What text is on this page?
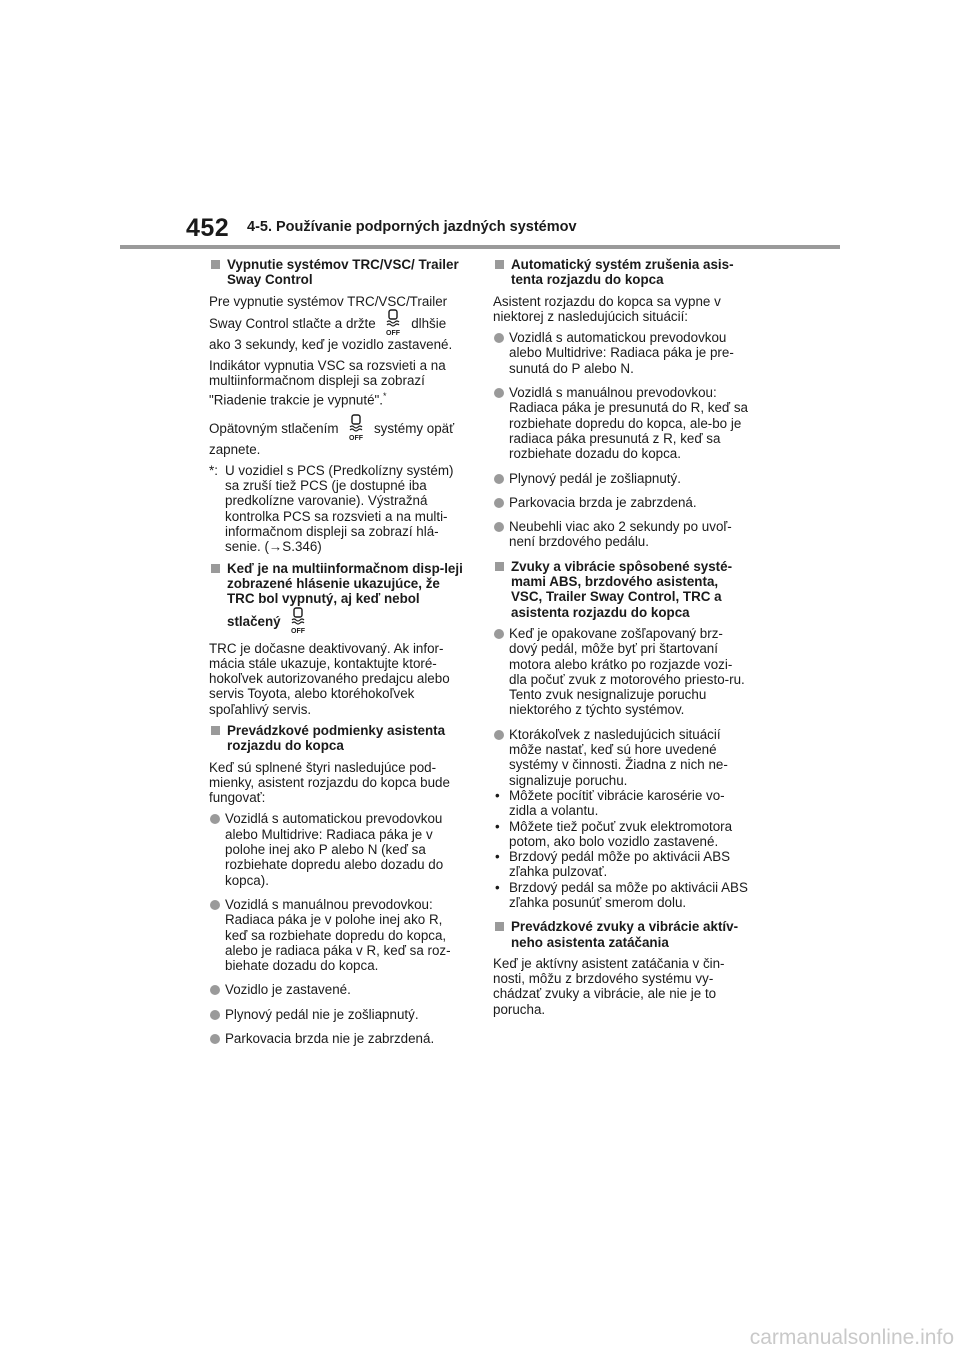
452 4-5. Používanie podporných jazdných systémov
Vypnutie systémov TRC/VSC/ Trailer Sway Control
Pre vypnutie systémov TRC/VSC/Trailer Sway Control stlačte a držte
OFF
dlhšie ako 3 sekundy, keď je vozidlo zastavené.
Indikátor vypnutia VSC sa rozsvieti a na multiinformačnom displeji sa zobrazí "Riadenie trakcie je vypnuté".*
Opätovným stlačením
OFF
systémy opäť zapnete.
*: U vozidiel s PCS (Predkolízny systém) sa zruší tiež PCS (je dostupné iba predkolízne varovanie). Výstražná kontrolka PCS sa rozsvieti a na multi-informačnom displeji sa zobrazí hlá-senie. (→S.346)
Keď je na multiinformačnom disp-leji zobrazené hlásenie ukazujúce, že TRC bol vypnutý, aj keď nebol stlačený
OFF
TRC je dočasne deaktivovaný. Ak infor-mácia stále ukazuje, kontaktujte ktoré-hokoľvek autorizovaného predajcu alebo servis Toyota, alebo ktoréhokoľvek spoľahlivý servis.
Prevádzkové podmienky asistenta rozjazdu do kopca
Keď sú splnené štyri nasledujúce pod-mienky, asistent rozjazdu do kopca bude fungovať:
Vozidlá s automatickou prevodovkou alebo Multidrive: Radiaca páka je v polohe inej ako P alebo N (keď sa rozbiehate dopredu alebo dozadu do kopca).
Vozidlá s manuálnou prevodovkou: Radiaca páka je v polohe inej ako R, keď sa rozbiehate dopredu do kopca, alebo je radiaca páka v R, keď sa roz-biehate dozadu do kopca.
Vozidlo je zastavené.
Plynový pedál nie je zošliapnutý.
Parkovacia brzda nie je zabrzdená.
Automatický systém zrušenia asis-tenta rozjazdu do kopca
Asistent rozjazdu do kopca sa vypne v niektorej z nasledujúcich situácií:
Vozidlá s automatickou prevodovkou alebo Multidrive: Radiaca páka je pre-sunutá do P alebo N.
Vozidlá s manuálnou prevodovkou: Radiaca páka je presunutá do R, keď sa rozbiehate dopredu do kopca, ale-bo je radiaca páka presunutá z R, keď sa rozbiehate dozadu do kopca.
Plynový pedál je zošliapnutý.
Parkovacia brzda je zabrzdená.
Neubehli viac ako 2 sekundy po uvoľ-není brzdového pedálu.
Zvuky a vibrácie spôsobené systé-mami ABS, brzdového asistenta, VSC, Trailer Sway Control, TRC a asistenta rozjazdu do kopca
Keď je opakovane zošľapovaný brz-dový pedál, môže byť pri štartovaní motora alebo krátko po rozjazde vozi-dla počuť zvuk z motorového priesto-ru. Tento zvuk nesignalizuje poruchu niektorého z týchto systémov.
Ktorákoľvek z nasledujúcich situácií môže nastať, keď sú hore uvedené systémy v činnosti. Žiadna z nich ne-signalizuje poruchu.
• Môžete pocítiť vibrácie karosérie vo-zidla a volantu.
• Môžete tiež počuť zvuk elektromotora potom, ako bolo vozidlo zastavené.
• Brzdový pedál môže po aktivácii ABS zľahka pulzovať.
• Brzdový pedál sa môže po aktivácii ABS zľahka posunúť smerom dolu.
Prevádzkové zvuky a vibrácie aktív-neho asistenta zatáčania
Keď je aktívny asistent zatáčania v čin-nosti, môžu z brzdového systému vy-chádzať zvuky a vibrácie, ale nie je to porucha.
carmanualsonline.info
